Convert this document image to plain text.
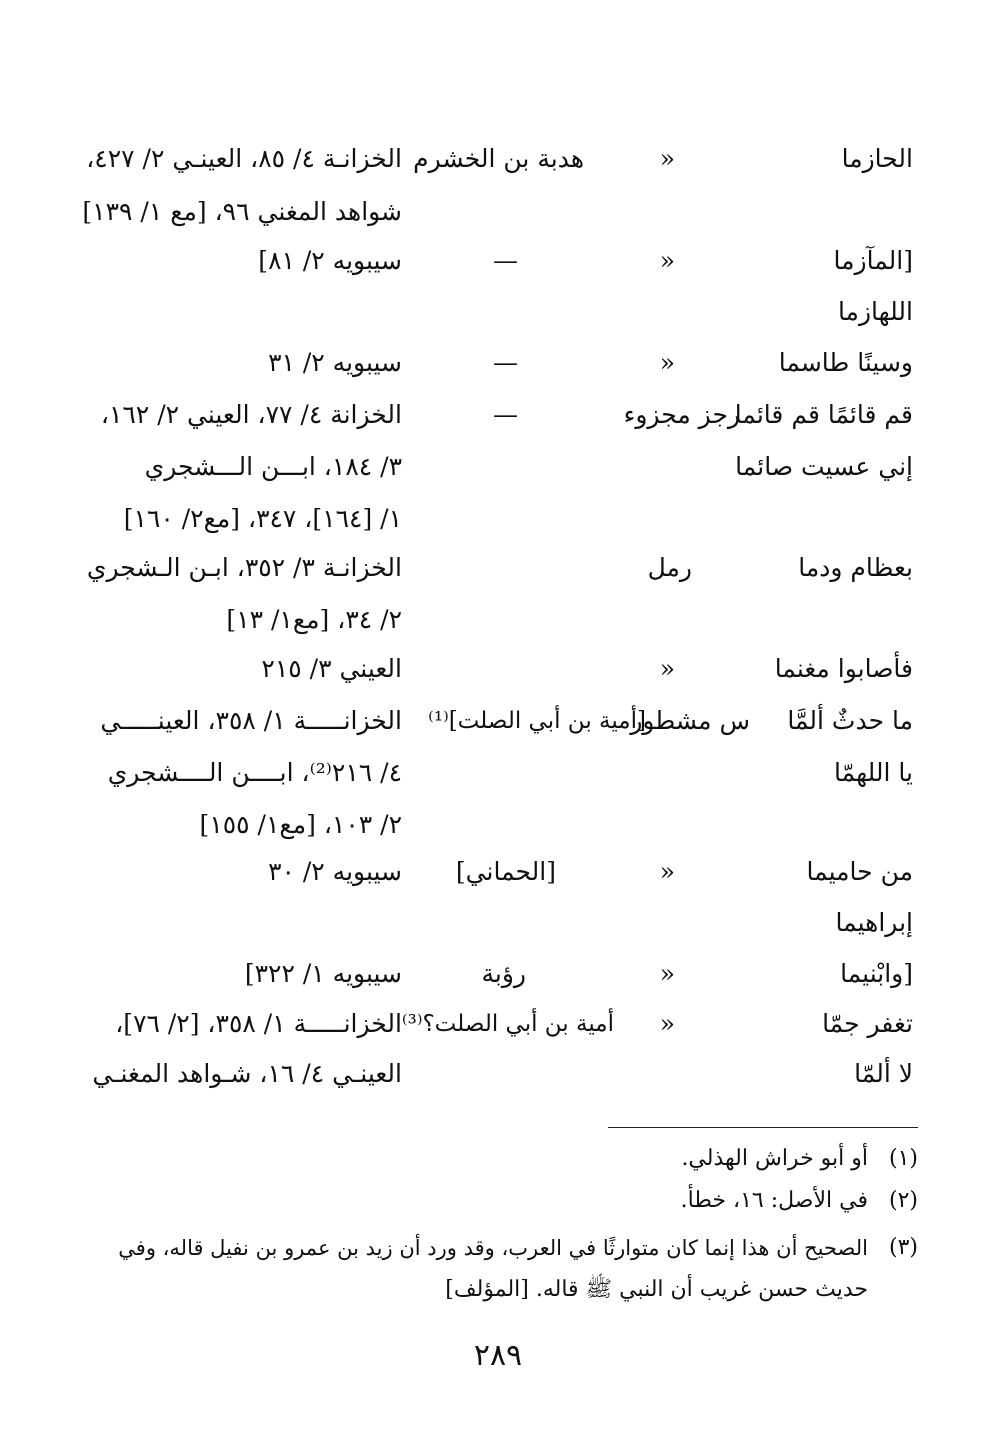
الحازما
«
هدبة بن الخشرم
الخزانـة ٤/ ٨٥، العينـي ٢/ ٤٢٧،
شواهد المغني ٩٦، [مع ١/ ١٣٩]
[المآزما
«
—
سيبويه ٢/ ٨١]
اللهازما
وسينًا طاسما
«
—
سيبويه ٢/ ٣١
قم قائمًا قم قائما
رجز مجزوء
—
الخزانة ٤/ ٧٧، العيني ٢/ ١٦٢،
٣/ ١٨٤، ابـــن الـــشجري
١/ [١٦٤]، ٣٤٧، [مع٢/ ١٦٠]
إني عسيت صائما
بعظام ودما
رمل
الخزانـة ٣/ ٣٥٢، ابـن الـشجري
٢/ ٣٤، [مع١/ ١٣]
فأصابوا مغنما
«
العيني ٣/ ٢١٥
ما حدثٌ ألمَّا
س مشطور
[أمية بن أبي الصلت]⁽¹⁾
الخزانـــــة ١/ ٣٥٨، العينـــــي
٤/ ٢١٦⁽²⁾، ابــــن الــــشجري
٢/ ١٠٣، [مع١/ ١٥٥]
يا اللهمّا
من حاميما
«
[الحماني]
سيبويه ٢/ ٣٠
إبراهيما
[وابْنيما
«
رؤبة
سيبويه ١/ ٣٢٢]
تغفر جمّا
«
أمية بن أبي الصلت؟⁽³⁾
الخزانـــــة ١/ ٣٥٨، [٢/ ٧٦]،
لا ألمّا
العينـي ٤/ ١٦، شـواهد المغنـي
(١)
أو أبو خراش الهذلي.
(٢)
في الأصل: ١٦، خطأ.
(٣)
الصحيح أن هذا إنما كان متوارثًا في العرب، وقد ورد أن زيد بن عمرو بن نفيل قاله، وفي
حديث حسن غريب أن النبي ﷺ قاله. [المؤلف]
٢٨٩
